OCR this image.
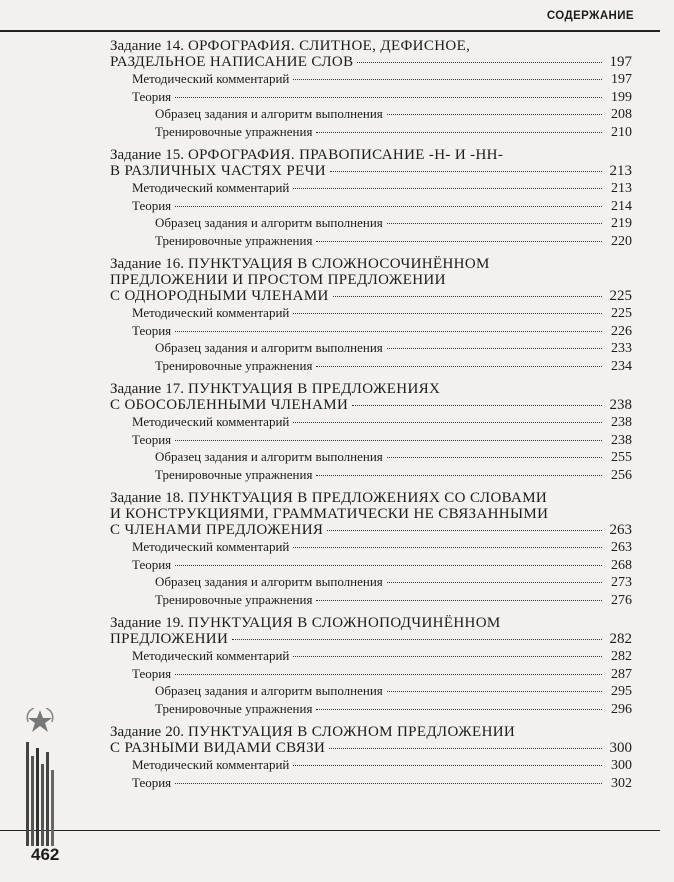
СОДЕРЖАНИЕ
Задание 14. ОРФОГРАФИЯ. СЛИТНОЕ, ДЕФИСНОЕ,
РАЗДЕЛЬНОЕ НАПИСАНИЕ СЛОВ	197
Методический комментарий	197
Теория	199
Образец задания и алгоритм выполнения	208
Тренировочные упражнения	210
Задание 15. ОРФОГРАФИЯ. ПРАВОПИСАНИЕ -Н- И -НН-
В РАЗЛИЧНЫХ ЧАСТЯХ РЕЧИ	213
Методический комментарий	213
Теория	214
Образец задания и алгоритм выполнения	219
Тренировочные упражнения	220
Задание 16. ПУНКТУАЦИЯ В СЛОЖНОСОЧИНЁННОМ
ПРЕДЛОЖЕНИИ И ПРОСТОМ ПРЕДЛОЖЕНИИ
С ОДНОРОДНЫМИ ЧЛЕНАМИ	225
Методический комментарий	225
Теория	226
Образец задания и алгоритм выполнения	233
Тренировочные упражнения	234
Задание 17. ПУНКТУАЦИЯ В ПРЕДЛОЖЕНИЯХ
С ОБОСОБЛЕННЫМИ ЧЛЕНАМИ	238
Методический комментарий	238
Теория	238
Образец задания и алгоритм выполнения	255
Тренировочные упражнения	256
Задание 18. ПУНКТУАЦИЯ В ПРЕДЛОЖЕНИЯХ СО СЛОВАМИ
И КОНСТРУКЦИЯМИ, ГРАММАТИЧЕСКИ НЕ СВЯЗАННЫМИ
С ЧЛЕНАМИ ПРЕДЛОЖЕНИЯ	263
Методический комментарий	263
Теория	268
Образец задания и алгоритм выполнения	273
Тренировочные упражнения	276
Задание 19. ПУНКТУАЦИЯ В СЛОЖНОПОДЧИНЁННОМ
ПРЕДЛОЖЕНИИ	282
Методический комментарий	282
Теория	287
Образец задания и алгоритм выполнения	295
Тренировочные упражнения	296
Задание 20. ПУНКТУАЦИЯ В СЛОЖНОМ ПРЕДЛОЖЕНИИ
С РАЗНЫМИ ВИДАМИ СВЯЗИ	300
Методический комментарий	300
Теория	302
462
